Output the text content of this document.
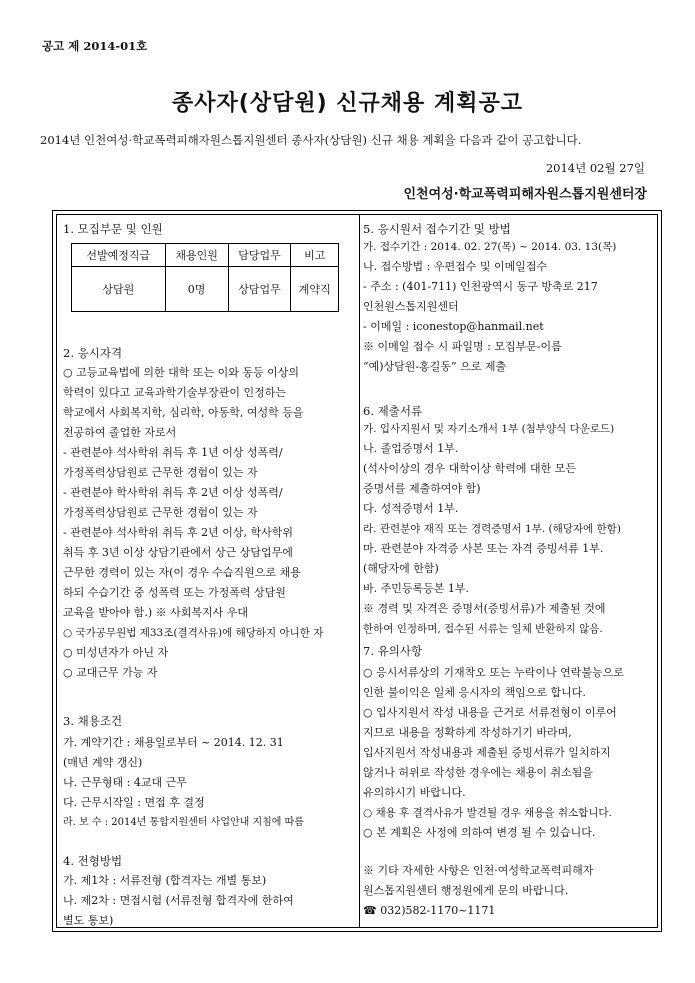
공고 제 2014-01호
종사자(상담원) 신규채용 계획공고
2014년 인천여성·학교폭력피해자원스톱지원센터 종사자(상담원) 신규 채용 계획을 다음과 같이 공고합니다.
2014년 02월 27일
인천여성·학교폭력피해자원스톱지원센터장
1. 모집부문 및 인원
선발예정직급	채용인원	담당업무	비고
상담원	0명	상담업무	계약직
2. 응시자격
○ 고등교육법에 의한 대학 또는 이와 동등 이상의
학력이 있다고 교육과학기술부장관이 인정하는
학교에서 사회복지학, 심리학, 아동학, 여성학 등을
전공하여 졸업한 자로서
- 관련분야 석사학위 취득 후 1년 이상 성폭력/
가정폭력상담원로 근무한 경험이 있는 자
- 관련분야 학사학위 취득 후 2년 이상 성폭력/
가정폭력상담원로 근무한 경험이 있는 자
- 관련분야 석사학위 취득 후 2년 이상, 학사학위
취득 후 3년 이상 상담기관에서 상근 상담업무에
근무한 경력이 있는 자(이 경우 수습직원으로 채용
하되 수습기간 중 성폭력 또는 가정폭력 상담원
교육을 받아야 함.) ※ 사회복지사 우대
○ 국가공무원법 제33조(결격사유)에 해당하지 아니한 자
○ 미성년자가 아닌 자
○ 교대근무 가능 자
3. 채용조건
가. 계약기간 : 채용일로부터 ~ 2014. 12. 31
(매년 계약 갱신)
나. 근무형태 : 4교대 근무
다. 근무시작일 : 면접 후 결정
라. 보 수 : 2014년 통합지원센터 사업안내 지침에 따름
4. 전형방법
가. 제1차 : 서류전형 (합격자는 개별 통보)
나. 제2차 : 면접시험 (서류전형 합격자에 한하여
별도 통보)
5. 응시원서 접수기간 및 방법
가. 접수기간 : 2014. 02. 27(목) ~ 2014. 03. 13(목)
나. 접수방법 : 우편접수 및 이메일접수
- 주소 : (401-711) 인천광역시 동구 방축로 217
인천원스톱지원센터
- 이메일 : iconestop@hanmail.net
※ 이메일 접수 시 파일명 : 모집부문-이름
“예)상담원-홍길동” 으로 제출
6. 제출서류
가. 입사지원서 및 자기소개서 1부 (첨부양식 다운로드)
나. 졸업증명서 1부.
(석사이상의 경우 대학이상 학력에 대한 모든
증명서를 제출하여야 함)
다. 성적증명서 1부.
라. 관련분야 재직 또는 경력증명서 1부. (해당자에 한함)
마. 관련분야 자격증 사본 또는 자격 증빙서류 1부.
(해당자에 한함)
바. 주민등록등본 1부.
※ 경력 및 자격은 증명서(증빙서류)가 제출된 것에
한하여 인정하며, 접수된 서류는 일체 반환하지 않음.
7. 유의사항
○ 응시서류상의 기재착오 또는 누락이나 연락불능으로
인한 불이익은 일체 응시자의 책임으로 합니다.
○ 입사지원서 작성 내용을 근거로 서류전형이 이루어
지므로 내용을 정확하게 작성하기기 바라며,
입사지원서 작성내용과 제출된 증빙서류가 일치하지
않거나 허위로 작성한 경우에는 채용이 취소됨을
유의하시기 바랍니다.
○ 채용 후 결격사유가 발견될 경우 채용을 취소합니다.
○ 본 계획은 사정에 의하여 변경 될 수 있습니다.
※ 기타 자세한 사항은 인천·여성학교폭력피해자
원스톱지원센터 행정원에게 문의 바랍니다.
☎ 032)582-1170~1171
